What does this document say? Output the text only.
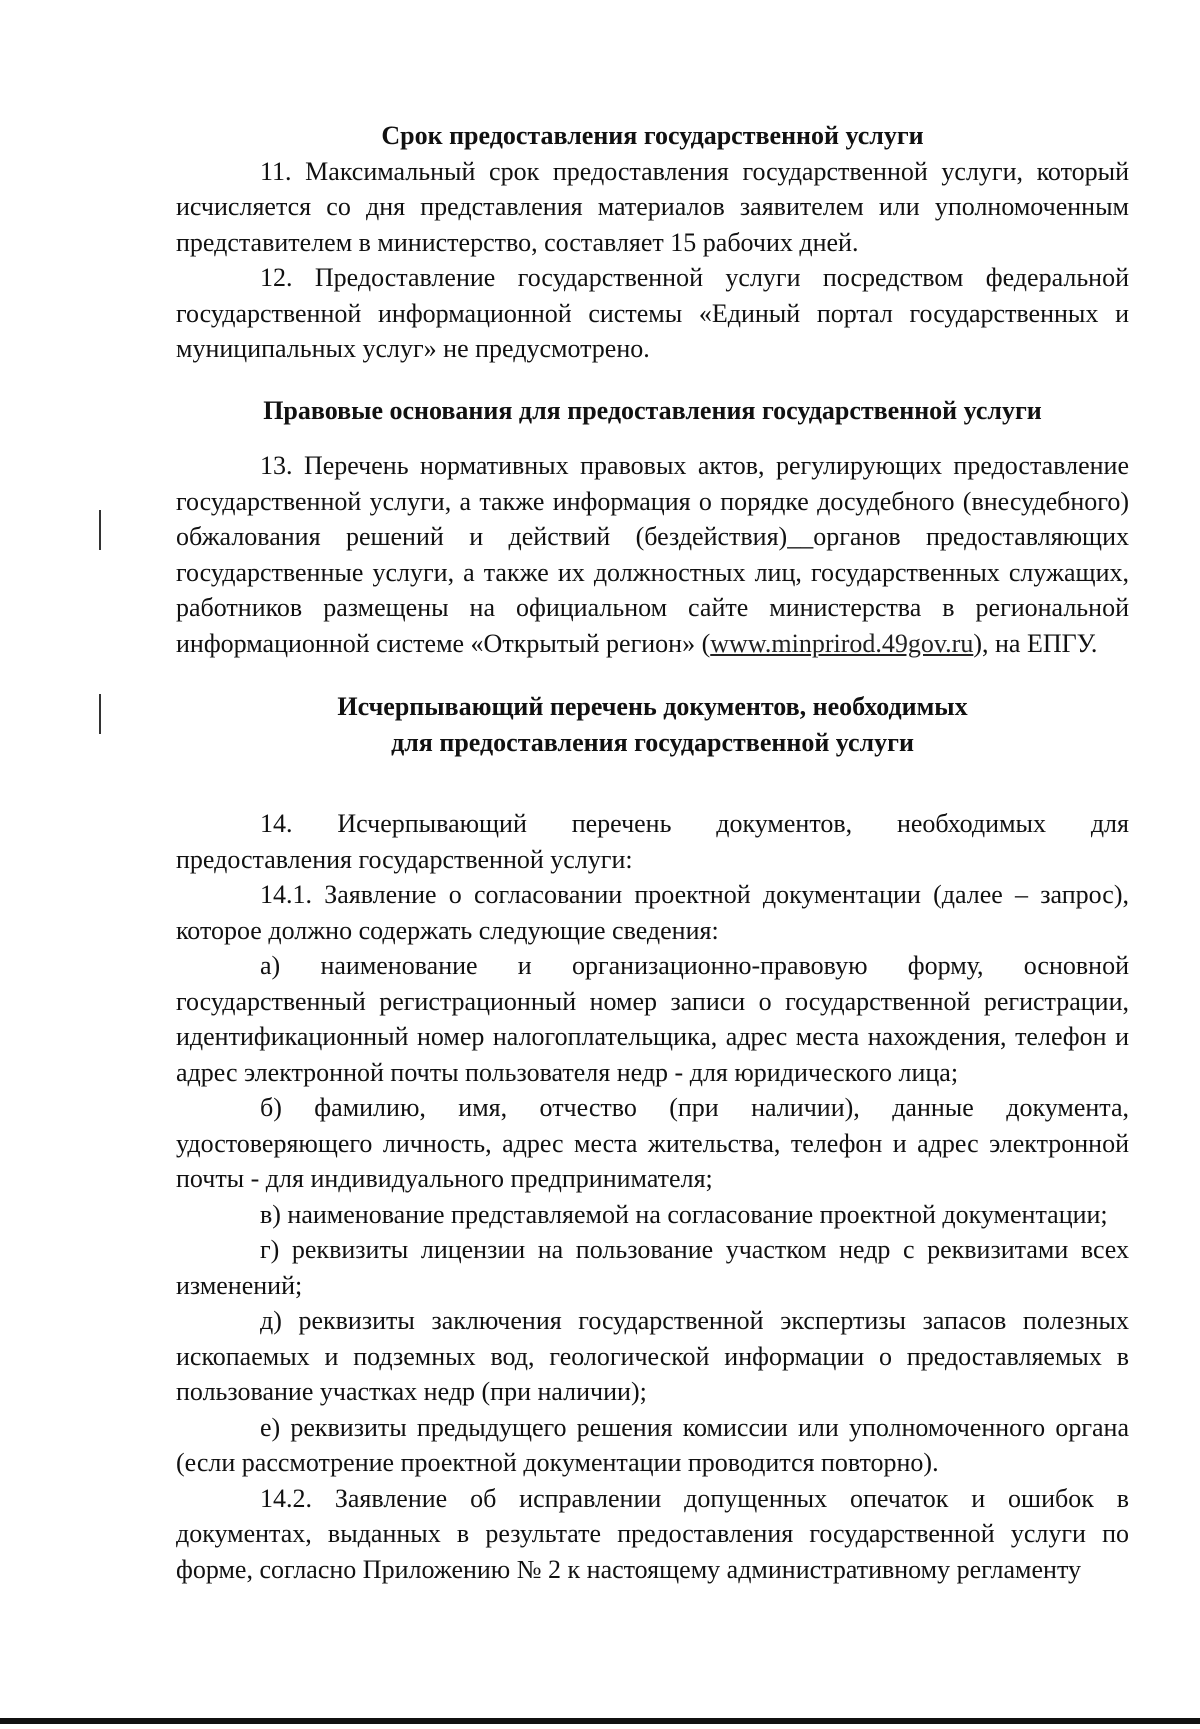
Срок предоставления государственной услуги

11. Максимальный срок предоставления государственной услуги, который исчисляется со дня представления материалов заявителем или уполномоченным представителем в министерство, составляет 15 рабочих дней.

12. Предоставление государственной услуги посредством федеральной государственной информационной системы «Единый портал государственных и муниципальных услуг» не предусмотрено.

Правовые основания для предоставления государственной услуги

13. Перечень нормативных правовых актов, регулирующих предоставление государственной услуги, а также информация о порядке досудебного (внесудебного) обжалования решений и действий (бездействия)__органов предоставляющих государственные услуги, а также их должностных лиц, государственных служащих, работников размещены на официальном сайте министерства в региональной информационной системе «Открытый регион» (www.minprirod.49gov.ru), на ЕПГУ.

Исчерпывающий перечень документов, необходимых
для предоставления государственной услуги

14. Исчерпывающий перечень документов, необходимых для

предоставления государственной услуги:

14.1. Заявление о согласовании проектной документации (далее – запрос), которое должно содержать следующие сведения:

а) наименование и организационно-правовую форму, основной государственный регистрационный номер записи о государственной регистрации, идентификационный номер налогоплательщика, адрес места нахождения, телефон и адрес электронной почты пользователя недр - для юридического лица;

б) фамилию, имя, отчество (при наличии), данные документа, удостоверяющего личность, адрес места жительства, телефон и адрес электронной почты - для индивидуального предпринимателя;

в) наименование представляемой на согласование проектной документации;

г) реквизиты лицензии на пользование участком недр с реквизитами всех изменений;

д) реквизиты заключения государственной экспертизы запасов полезных ископаемых и подземных вод, геологической информации о предоставляемых в пользование участках недр (при наличии);

е) реквизиты предыдущего решения комиссии или уполномоченного органа (если рассмотрение проектной документации проводится повторно).

14.2. Заявление об исправлении допущенных опечаток и ошибок в документах, выданных в результате предоставления государственной услуги по форме, согласно Приложению № 2 к настоящему административному регламенту
